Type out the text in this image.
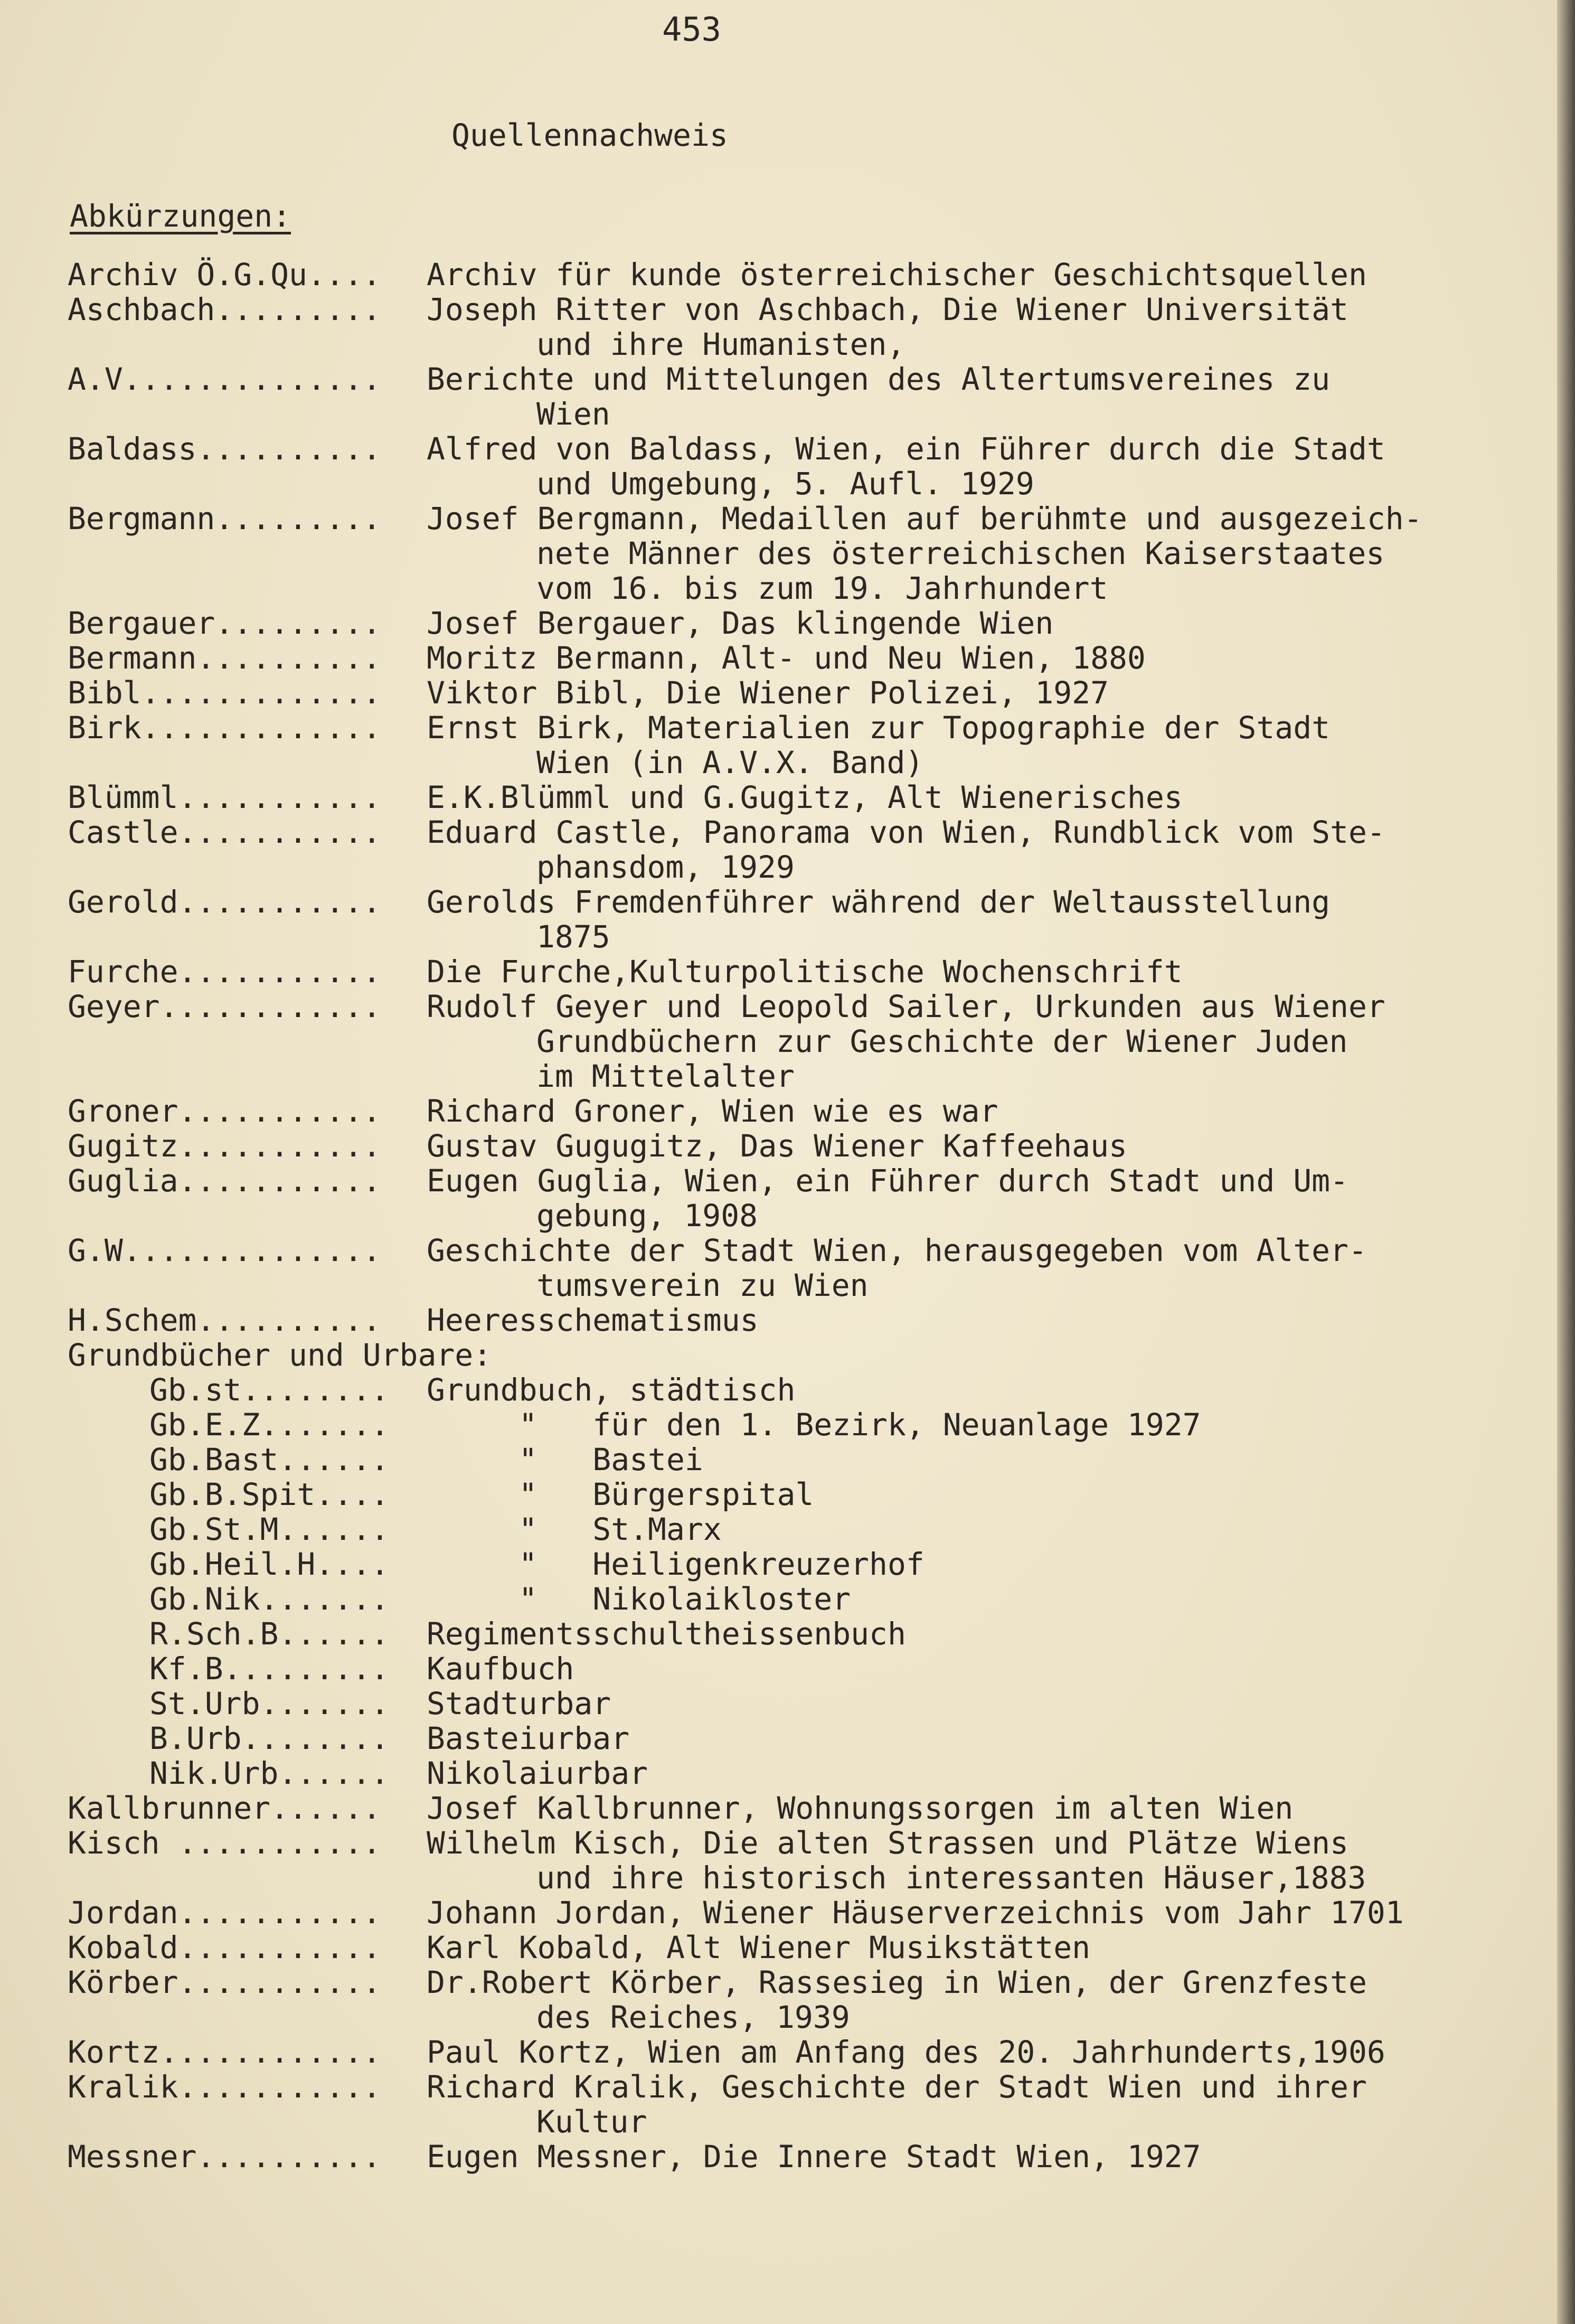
453
Quellennachweis
Abkürzungen:
Archiv Ö.G.Qu.... Archiv für kunde österreichischer Geschichtsquellen
Aschbach......... Joseph Ritter von Aschbach, Die Wiener Universität
und ihre Humanisten,
A.V.............. Berichte und Mittelungen des Altertumsvereines zu
Wien
Baldass.......... Alfred von Baldass, Wien, ein Führer durch die Stadt
und Umgebung, 5. Aufl. 1929
Bergmann......... Josef Bergmann, Medaillen auf berühmte und ausgezeich-
nete Männer des österreichischen Kaiserstaates
vom 16. bis zum 19. Jahrhundert
Bergauer......... Josef Bergauer, Das klingende Wien
Bermann.......... Moritz Bermann, Alt- und Neu Wien, 1880
Bibl............. Viktor Bibl, Die Wiener Polizei, 1927
Birk............. Ernst Birk, Materialien zur Topographie der Stadt
Wien (in A.V.X. Band)
Blümml........... E.K.Blümml und G.Gugitz, Alt Wienerisches
Castle........... Eduard Castle, Panorama von Wien, Rundblick vom Ste-
phansdom, 1929
Gerold........... Gerolds Fremdenführer während der Weltausstellung
1875
Furche........... Die Furche,Kulturpolitische Wochenschrift
Geyer............ Rudolf Geyer und Leopold Sailer, Urkunden aus Wiener
Grundbüchern zur Geschichte der Wiener Juden
im Mittelalter
Groner........... Richard Groner, Wien wie es war
Gugitz........... Gustav Gugugitz, Das Wiener Kaffeehaus
Guglia........... Eugen Guglia, Wien, ein Führer durch Stadt und Um-
gebung, 1908
G.W.............. Geschichte der Stadt Wien, herausgegeben vom Alter-
tumsverein zu Wien
H.Schem.......... Heeresschematismus
Grundbücher und Urbare:
Gb.st........ Grundbuch, städtisch
Gb.E.Z....... "   für den 1. Bezirk, Neuanlage 1927
Gb.Bast...... "   Bastei
Gb.B.Spit.... "   Bürgerspital
Gb.St.M...... "   St.Marx
Gb.Heil.H.... "   Heiligenkreuzerhof
Gb.Nik....... "   Nikolaikloster
R.Sch.B...... Regimentsschultheissenbuch
Kf.B......... Kaufbuch
St.Urb....... Stadturbar
B.Urb........ Basteiurbar
Nik.Urb...... Nikolaiurbar
Kallbrunner...... Josef Kallbrunner, Wohnungssorgen im alten Wien
Kisch ........... Wilhelm Kisch, Die alten Strassen und Plätze Wiens
und ihre historisch interessanten Häuser,1883
Jordan........... Johann Jordan, Wiener Häuserverzeichnis vom Jahr 1701
Kobald........... Karl Kobald, Alt Wiener Musikstätten
Körber........... Dr.Robert Körber, Rassesieg in Wien, der Grenzfeste
des Reiches, 1939
Kortz............ Paul Kortz, Wien am Anfang des 20. Jahrhunderts,1906
Kralik........... Richard Kralik, Geschichte der Stadt Wien und ihrer
Kultur
Messner.......... Eugen Messner, Die Innere Stadt Wien, 1927
